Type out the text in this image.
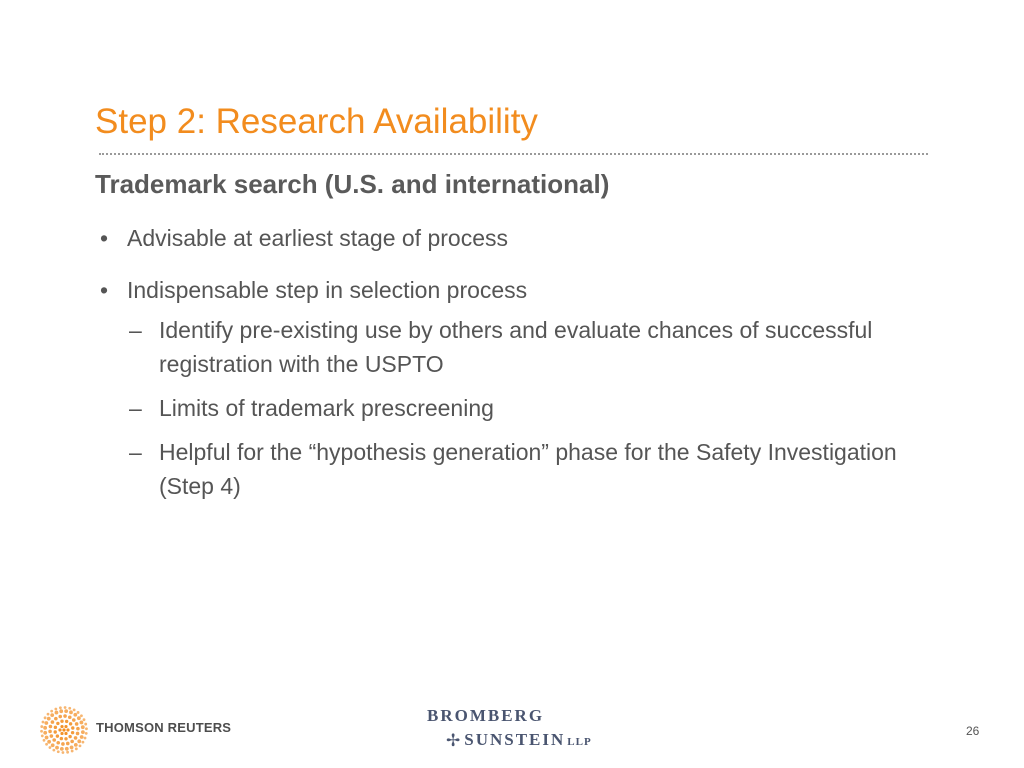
Step 2: Research Availability
Trademark search (U.S. and international)
• Advisable at earliest stage of process
• Indispensable step in selection process
– Identify pre-existing use by others and evaluate chances of successful registration with the USPTO
– Limits of trademark prescreening
– Helpful for the “hypothesis generation” phase for the Safety Investigation (Step 4)
THOMSON REUTERS
BROMBERG
✢ SUNSTEIN LLP
26
